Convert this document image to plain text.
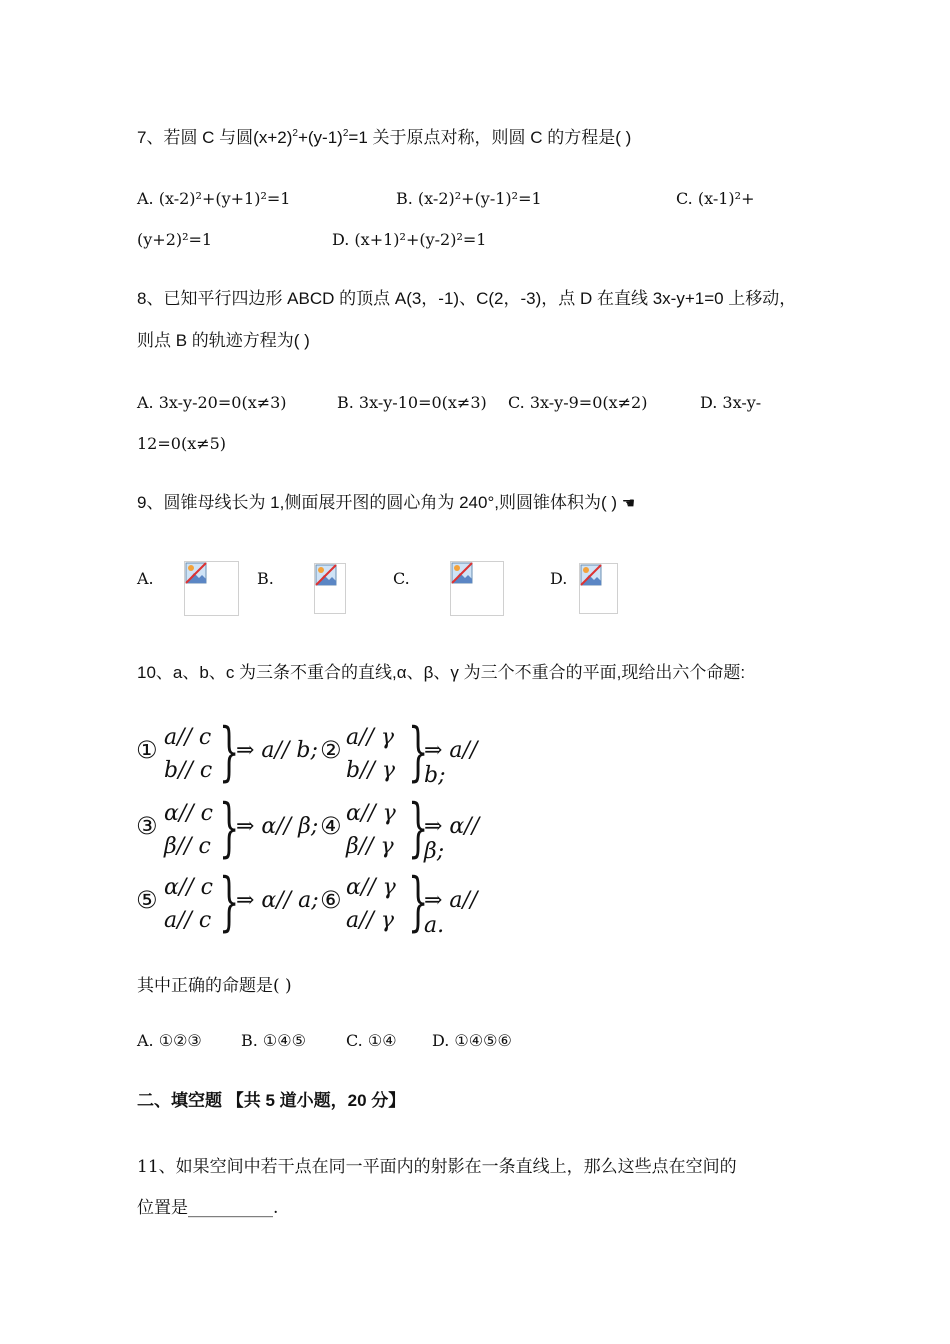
7、若圆 C 与圆$(x+2)^2+(y-1)^2=1$ 关于原点对称，则圆 C 的方程是( )
A. (x-2)²+(y+1)²=1	B. (x-2)²+(y-1)²=1	C. (x-1)²+
(y+2)²=1	D. (x+1)²+(y-2)²=1
8、已知平行四边形 ABCD 的顶点 A(3，-1)、C(2，-3)，点 D 在直线 3x-y+1=0 上移动，
则点 B 的轨迹方程为( )
A. 3x-y-20=0(x≠3)	B. 3x-y-10=0(x≠3) C. 3x-y-9=0(x≠2)	D. 3x-y-
12=0(x≠5)
9、圆锥母线长为 1,侧面展开图的圆心角为 240°,则圆锥体积为( ) ☚
A.	B.	C.	D.
10、a、b、c 为三条不重合的直线,α、β、γ 为三个不重合的平面,现给出六个命题:
① a// c
b// c }
⇒ a// b; ② a// γ
b// γ }
⇒ a// b;
③ α// c
β// c }
⇒ α// β; ④ α// γ
β// γ }
⇒ α// β;
⑤ α// c
a// c }
⇒ α// a; ⑥ α// γ
a// γ }
⇒ a// a.
其中正确的命题是( )
A. ①②③ B. ①④⑤	C. ①④ D. ①④⑤⑥
二、填空题 【共 5 道小题，20 分】
11、如果空间中若干点在同一平面内的射影在一条直线上，那么这些点在空间的
位置是__________.
